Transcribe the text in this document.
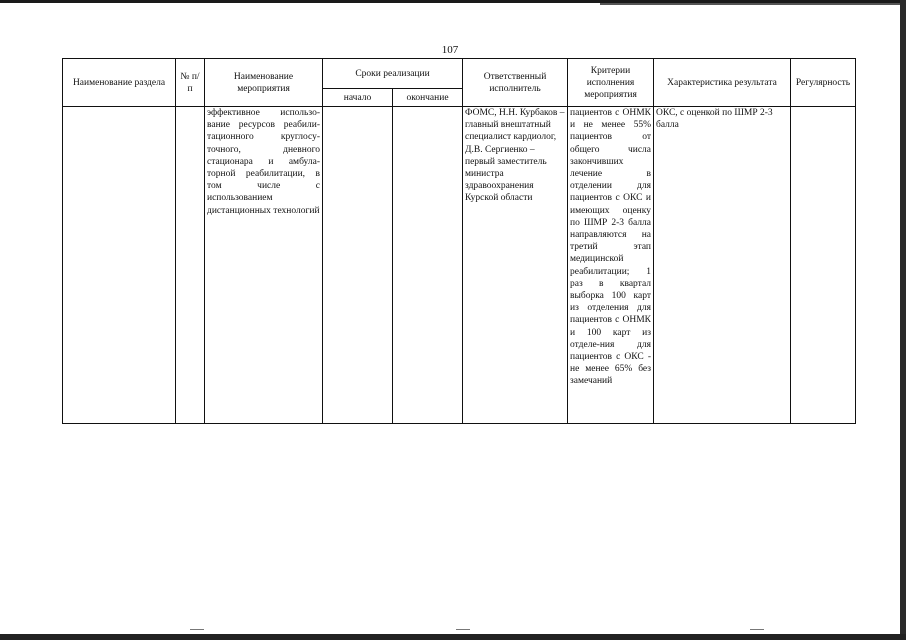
107
Наименование раздела	№ п/п	Наименование мероприятия	Сроки реализации		Ответственный исполнитель	Критерии исполнения мероприятия	Характеристика результата	Регулярность
			начало	окончание				
		эффективное использо-вание ресурсов реабили-тационного круглосу-точного, дневного стационара и амбула-торной реабилитации, в том числе с использованием дистанционных технологий			ФОМС, Н.Н. Курбаков – главный внештатный специалист кардиолог, Д.В. Сергиенко – первый заместитель министра здравоохранения Курской области	пациентов с ОНМК и не менее 55% пациентов от общего числа закончивших лечение в отделении для пациентов с ОКС и имеющих оценку по ШМР 2-3 балла направляются на третий этап медицинской реабилитации; 1 раз в квартал выборка 100 карт из отделения для пациентов с ОНМК и 100 карт из отделе-ния для пациентов с ОКС - не менее 65% без замечаний	ОКС, с оценкой по ШМР 2-3 балла	
